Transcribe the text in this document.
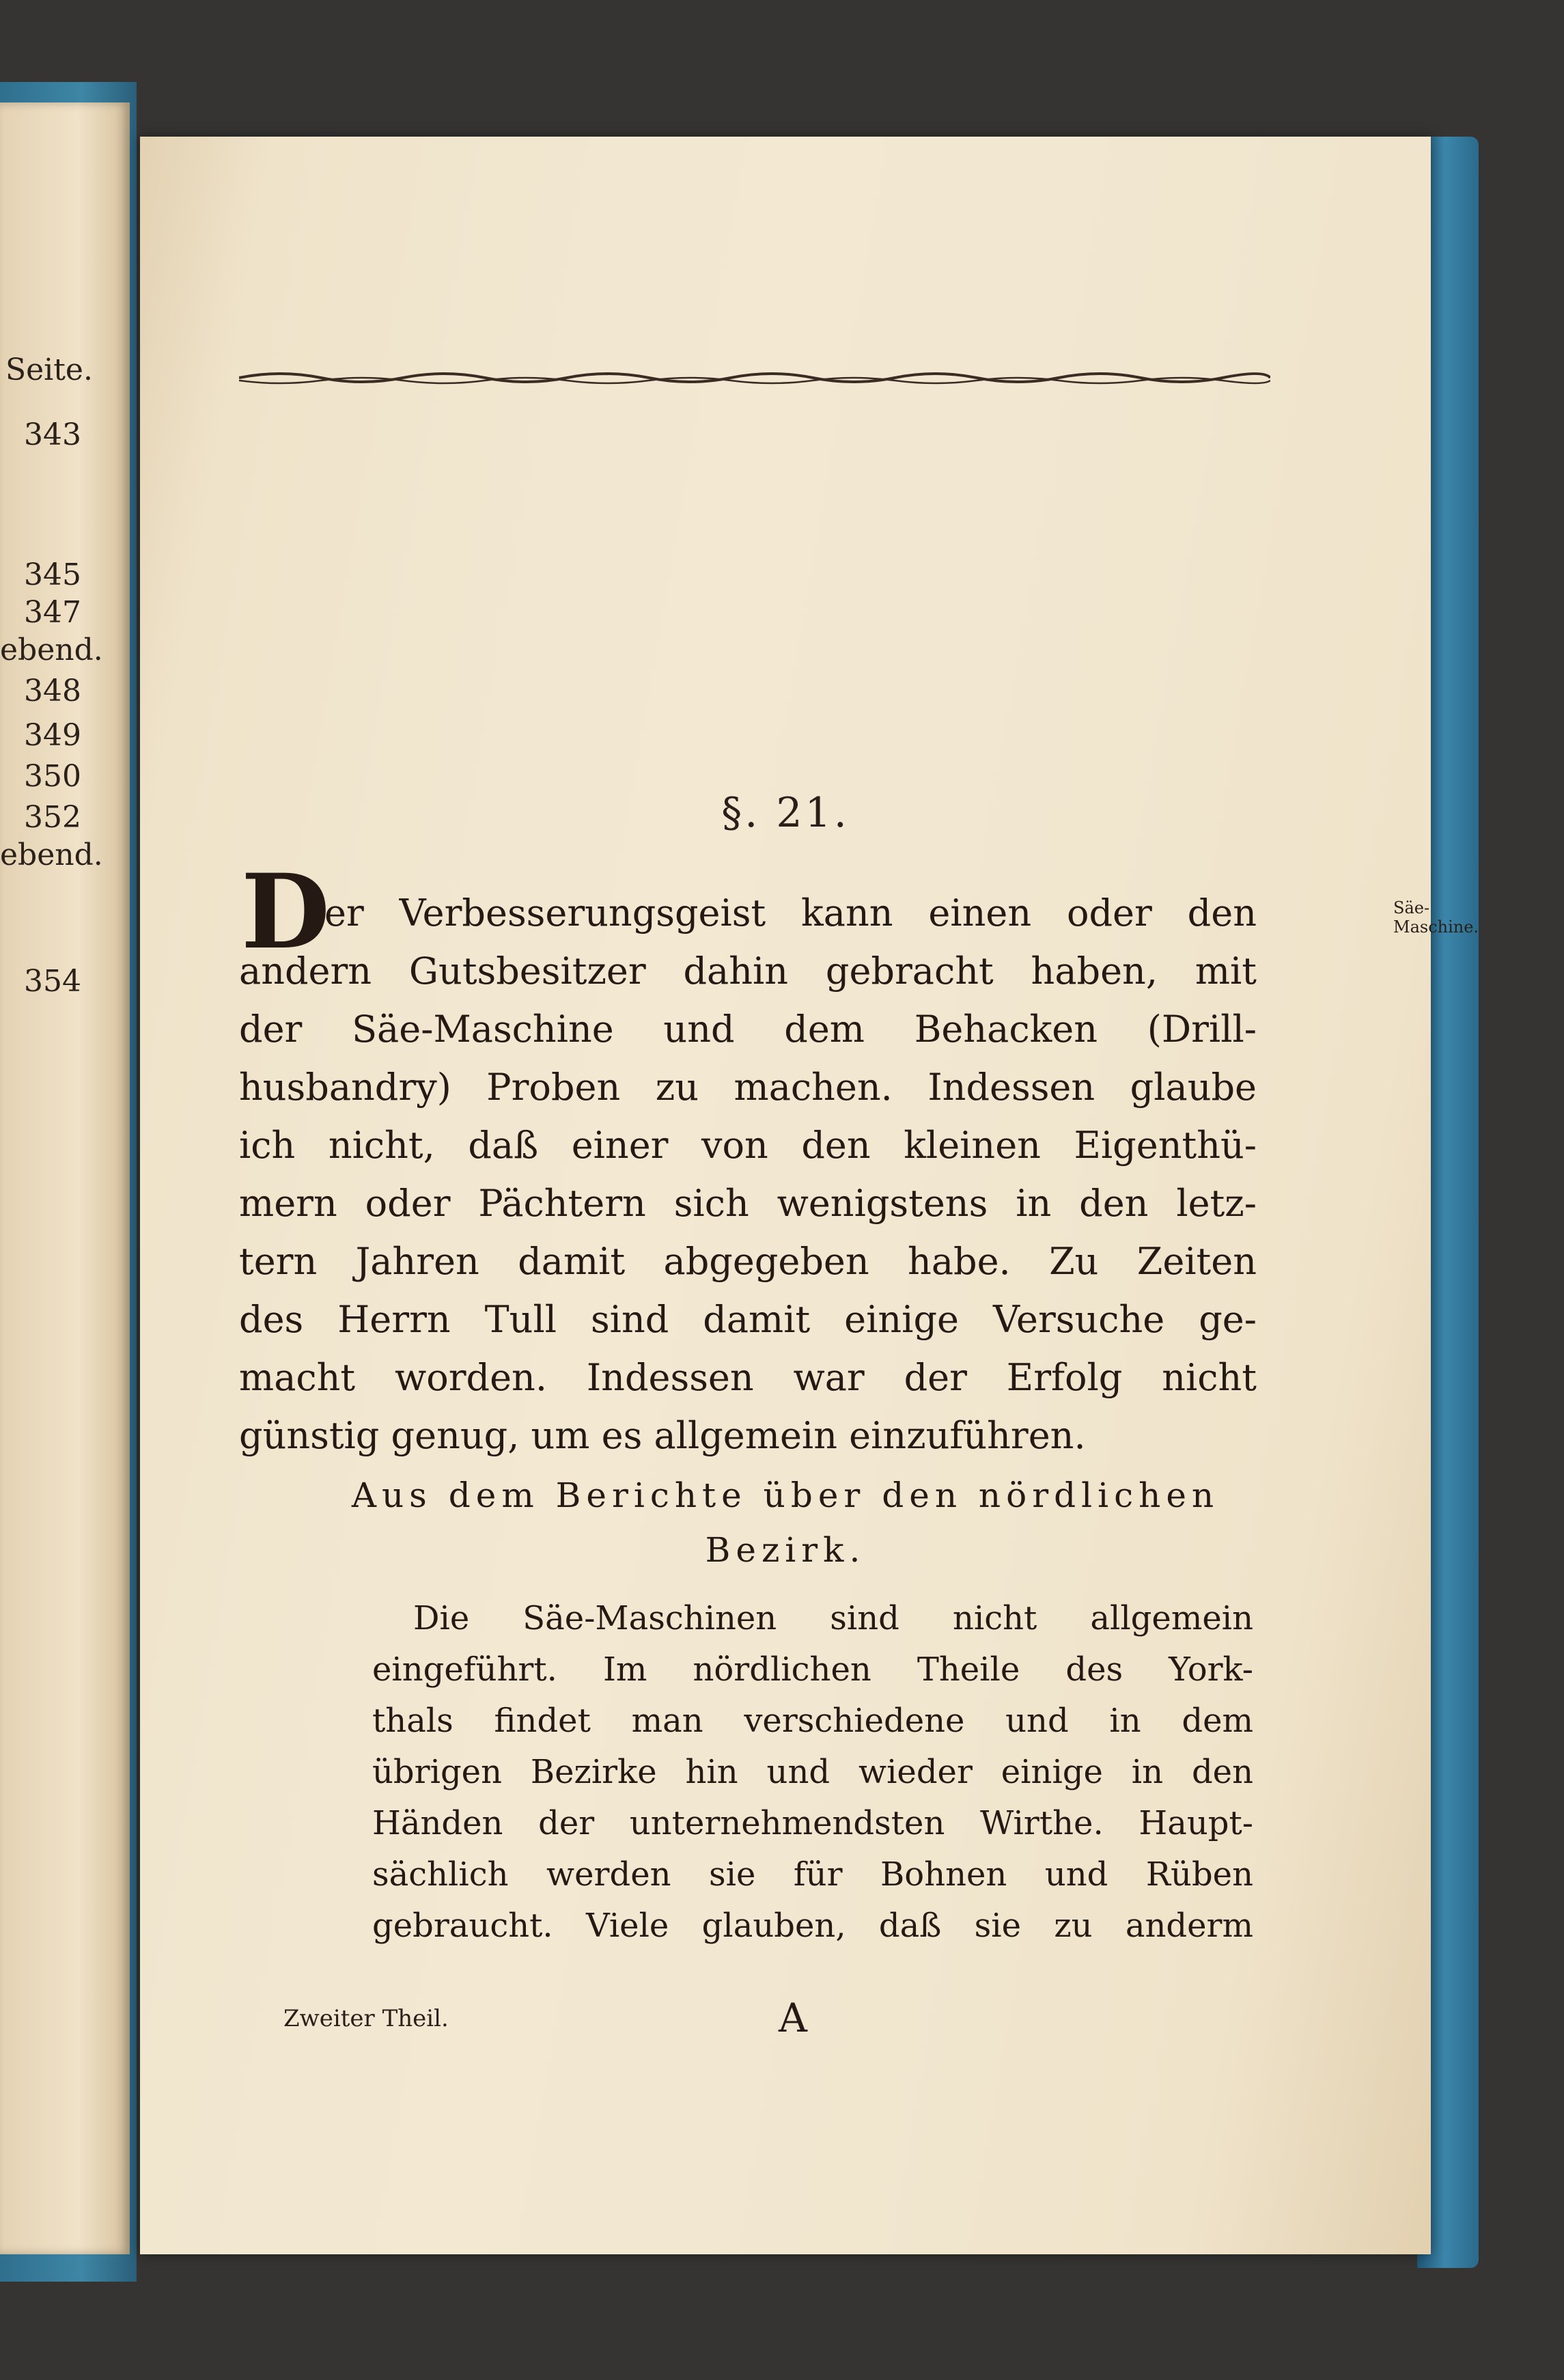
Seite.
343
345
347
ebend.
348
349
350
352
ebend.
354
§. 21.
Säe-
Maschine.
D
er Verbesserungsgeist kann einen oder den
andern Gutsbesitzer dahin gebracht haben, mit
der Säe-Maschine und dem Behacken (Drill-
husbandry) Proben zu machen. Indessen glaube
ich nicht, daß einer von den kleinen Eigenthü-
mern oder Pächtern sich wenigstens in den letz-
tern Jahren damit abgegeben habe. Zu Zeiten
des Herrn Tull sind damit einige Versuche ge-
macht worden. Indessen war der Erfolg nicht
günstig genug, um es allgemein einzuführen.
Aus dem Berichte über den nördlichen
Bezirk.
Die Säe-Maschinen sind nicht allgemein
eingeführt. Im nördlichen Theile des York-
thals findet man verschiedene und in dem
übrigen Bezirke hin und wieder einige in den
Händen der unternehmendsten Wirthe. Haupt-
sächlich werden sie für Bohnen und Rüben
gebraucht. Viele glauben, daß sie zu anderm
Zweiter Theil.	A
